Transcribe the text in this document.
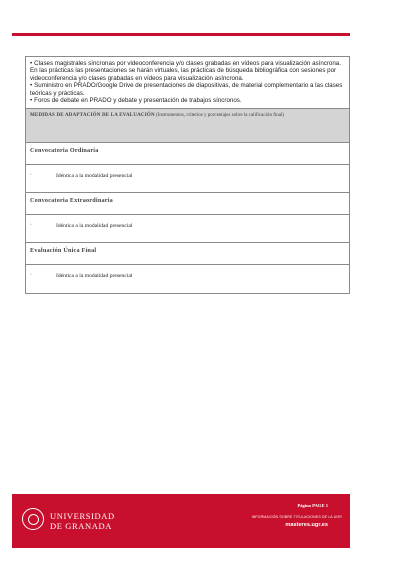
• Clases magistrales síncronas por videoconferencia y/o clases grabadas en vídeos para visualización asíncrona. En las prácticas las presentaciones se harán virtuales, las prácticas de búsqueda bibliográfica con sesiones por videoconferencia y/o clases grabadas en vídeos para visualización asíncrona.

• Suministro en PRADO/Google Drive de presentaciones de diapositivas, de material complementario a las clases teóricas y prácticas.

• Foros de debate en PRADO y debate y presentación de trabajos síncronos.

MEDIDAS DE ADAPTACIÓN DE LA EVALUACIÓN (Instrumentos, criterios y porcentajes sobre la calificación final)
Convocatoria Ordinaria
·	Idéntica a la modalidad presencial
Convocatoria Extraordinaria
·	Idéntica a la modalidad presencial
Evaluación Única Final
·	Idéntica a la modalidad presencial
UNIVERSIDAD
DE GRANADA
Página PAGE 1
INFORMACIÓN SOBRE TITULACIONES DE LA UGR
masteres.ugr.es
